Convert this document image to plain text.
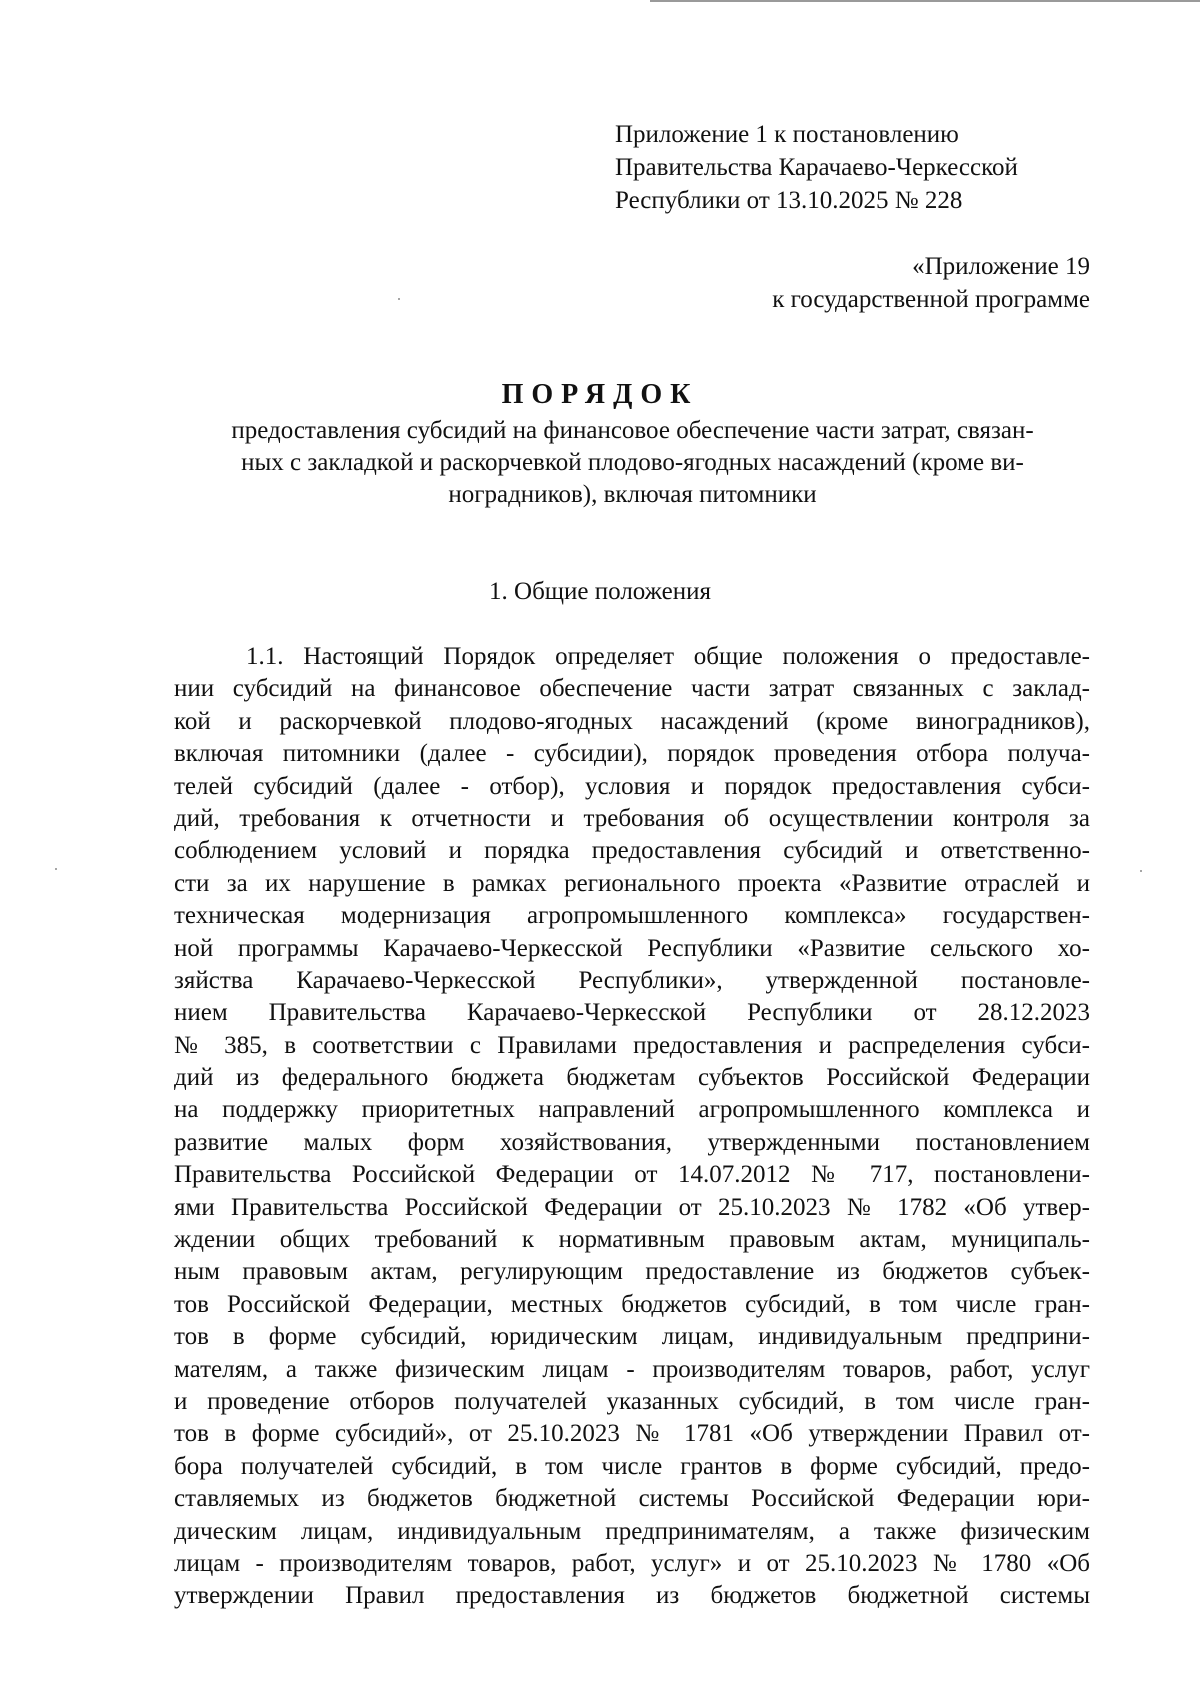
Приложение 1 к постановлению
Правительства Карачаево-Черкесской
Республики от 13.10.2025 № 228
«Приложение 19
к государственной программе
ПОРЯДОК
предоставления субсидий на финансовое обеспечение части затрат, связан-
ных с закладкой и раскорчевкой плодово-ягодных насаждений (кроме ви-
ноградников), включая питомники
1. Общие положения
1.1. Настоящий Порядок определяет общие положения о предоставле-
нии субсидий на финансовое обеспечение части затрат связанных с заклад-
кой и раскорчевкой плодово-ягодных насаждений (кроме виноградников),
включая питомники (далее - субсидии), порядок проведения отбора получа-
телей субсидий (далее - отбор), условия и порядок предоставления субси-
дий, требования к отчетности и требования об осуществлении контроля за
соблюдением условий и порядка предоставления субсидий и ответственно-
сти за их нарушение в рамках регионального проекта «Развитие отраслей и
техническая модернизация агропромышленного комплекса» государствен-
ной программы Карачаево-Черкесской Республики «Развитие сельского хо-
зяйства Карачаево-Черкесской Республики», утвержденной постановле-
нием Правительства Карачаево-Черкесской Республики от 28.12.2023
№ 385, в соответствии с Правилами предоставления и распределения субси-
дий из федерального бюджета бюджетам субъектов Российской Федерации
на поддержку приоритетных направлений агропромышленного комплекса и
развитие малых форм хозяйствования, утвержденными постановлением
Правительства Российской Федерации от 14.07.2012 № 717, постановлени-
ями Правительства Российской Федерации от 25.10.2023 № 1782 «Об утвер-
ждении общих требований к нормативным правовым актам, муниципаль-
ным правовым актам, регулирующим предоставление из бюджетов субъек-
тов Российской Федерации, местных бюджетов субсидий, в том числе гран-
тов в форме субсидий, юридическим лицам, индивидуальным предприни-
мателям, а также физическим лицам - производителям товаров, работ, услуг
и проведение отборов получателей указанных субсидий, в том числе гран-
тов в форме субсидий», от 25.10.2023 № 1781 «Об утверждении Правил от-
бора получателей субсидий, в том числе грантов в форме субсидий, предо-
ставляемых из бюджетов бюджетной системы Российской Федерации юри-
дическим лицам, индивидуальным предпринимателям, а также физическим
лицам - производителям товаров, работ, услуг» и от 25.10.2023 № 1780 «Об
утверждении Правил предоставления из бюджетов бюджетной системы
